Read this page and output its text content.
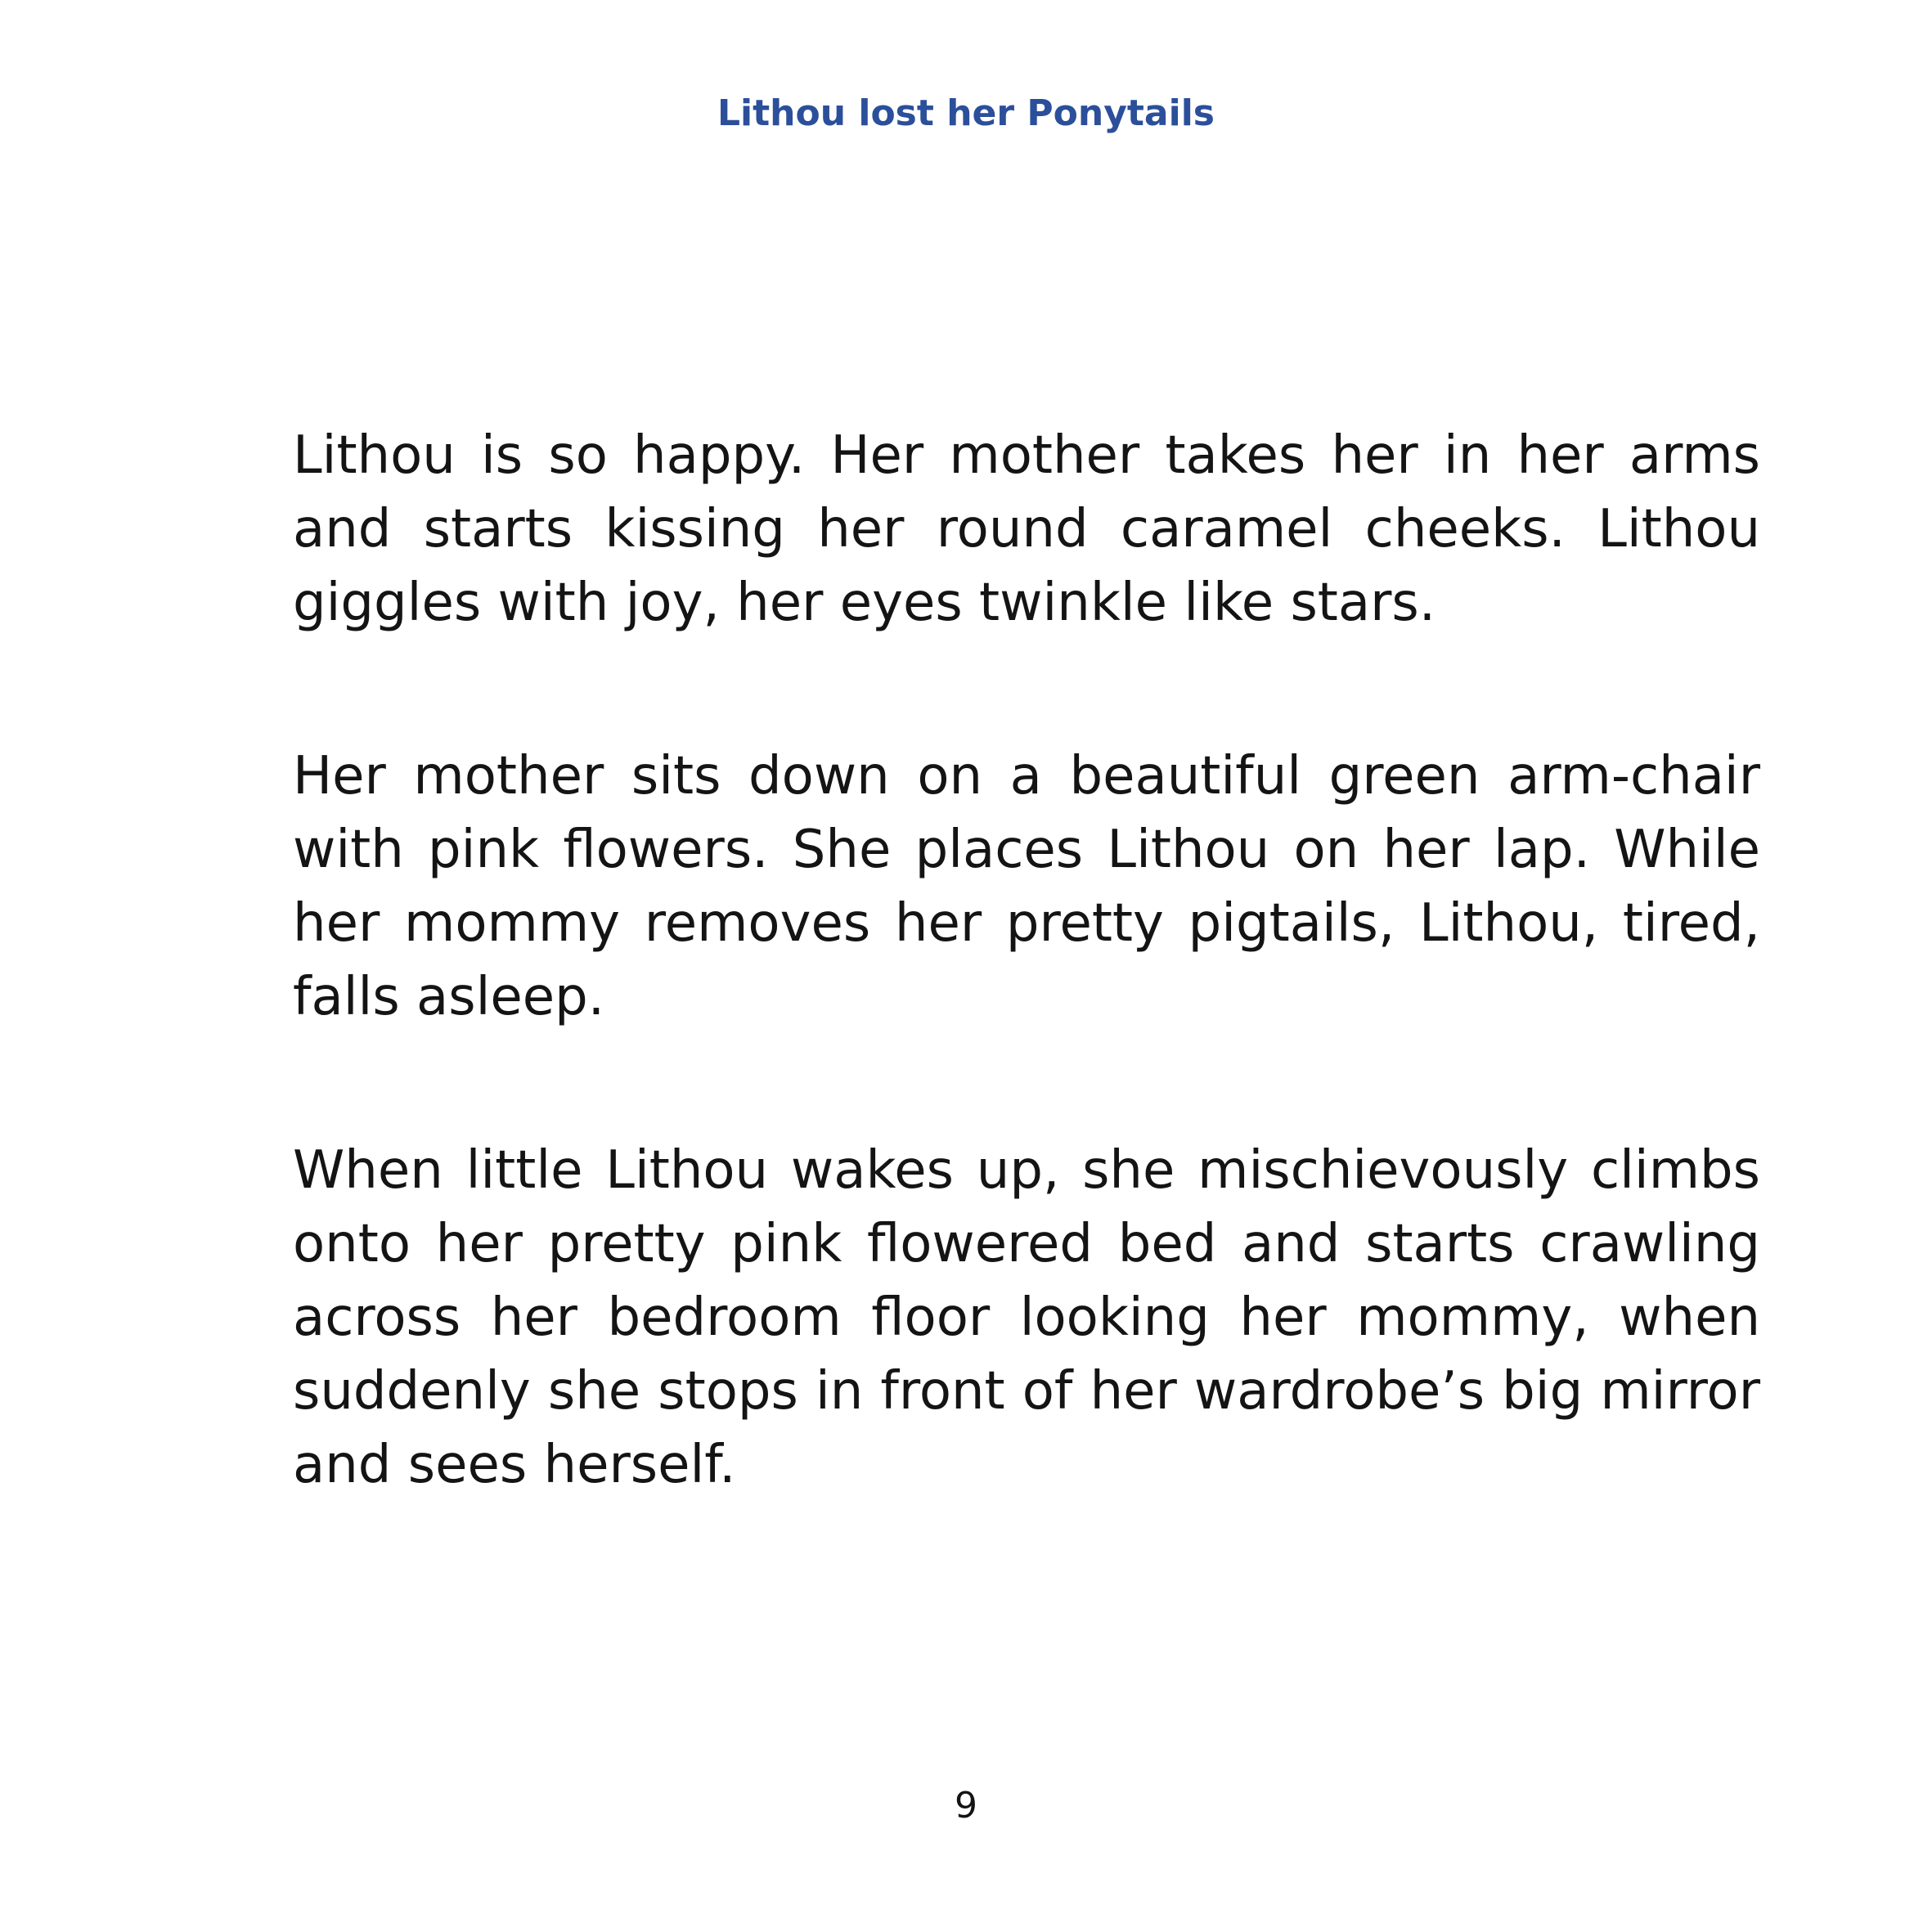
Lithou lost her Ponytails

Lithou is so happy. Her mother takes her in her arms and starts kissing her round caramel cheeks. Lithou giggles with joy, her eyes twinkle like stars.

Her mother sits down on a beautiful green arm-chair with pink flowers. She places Lithou on her lap. While her mommy removes her pretty pigtails, Lithou, tired, falls asleep.

When little Lithou wakes up, she mischievously climbs onto her pretty pink flowered bed and starts crawling across her bedroom floor looking her mommy, when suddenly she stops in front of her wardrobe’s big mirror and sees herself.

9
